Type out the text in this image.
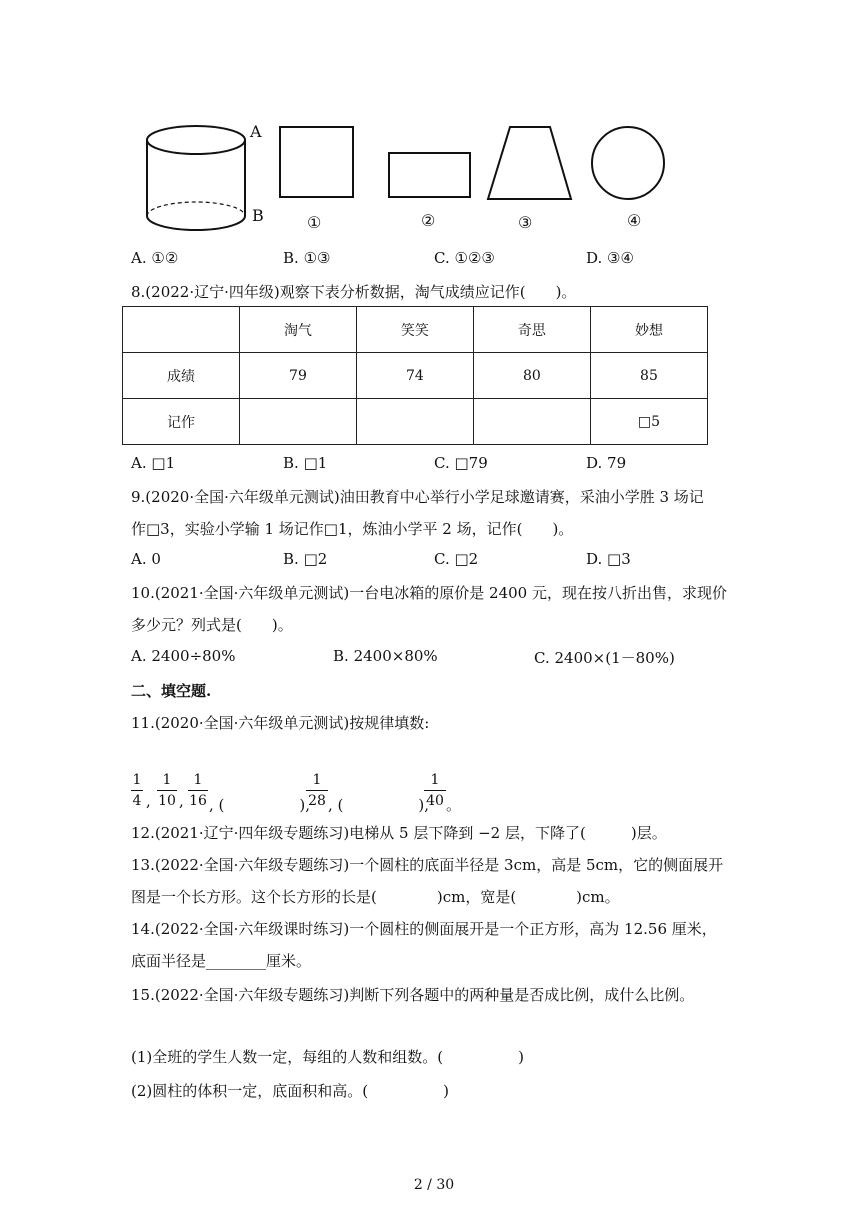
A
B	①	②	③	④
A. ①②	B. ①③	C. ①②③	D. ③④
8.(2022·辽宁·四年级)观察下表分析数据，淘气成绩应记作(　　)。
	淘气	笑笑	奇思	妙想
成绩	79	74	80	85
记作				□5
A. □1	B. □1	C. □79	D. 79
9.(2020·全国·六年级单元测试)油田教育中心举行小学足球邀请赛，采油小学胜 3 场记
作□3，实验小学输 1 场记作□1，炼油小学平 2 场，记作(　　)。
A. 0	B. □2	C. □2	D. □3
10.(2021·全国·六年级单元测试)一台电冰箱的原价是 2400 元，现在按八折出售，求现价
多少元？列式是(　　)。
A. 2400÷80%	B. 2400×80%	C. 2400×(1－80%)
二、填空题.
11.(2020·全国·六年级单元测试)按规律填数:
1
4 ,
1
10 ,
1
16 , (　　　　　),
1
28 , (　　　　　),
1
40 。
12.(2021·辽宁·四年级专题练习)电梯从 5 层下降到 −2 层，下降了(　　　)层。
13.(2022·全国·六年级专题练习)一个圆柱的底面半径是 3cm，高是 5cm，它的侧面展开
图是一个长方形。这个长方形的长是(　　　　)cm，宽是(　　　　)cm。
14.(2022·全国·六年级课时练习)一个圆柱的侧面展开是一个正方形，高为 12.56 厘米，
底面半径是________厘米。
15.(2022·全国·六年级专题练习)判断下列各题中的两种量是否成比例，成什么比例。
(1)全班的学生人数一定，每组的人数和组数。(　　　　　)
(2)圆柱的体积一定，底面积和高。(　　　　　)
2 / 30
